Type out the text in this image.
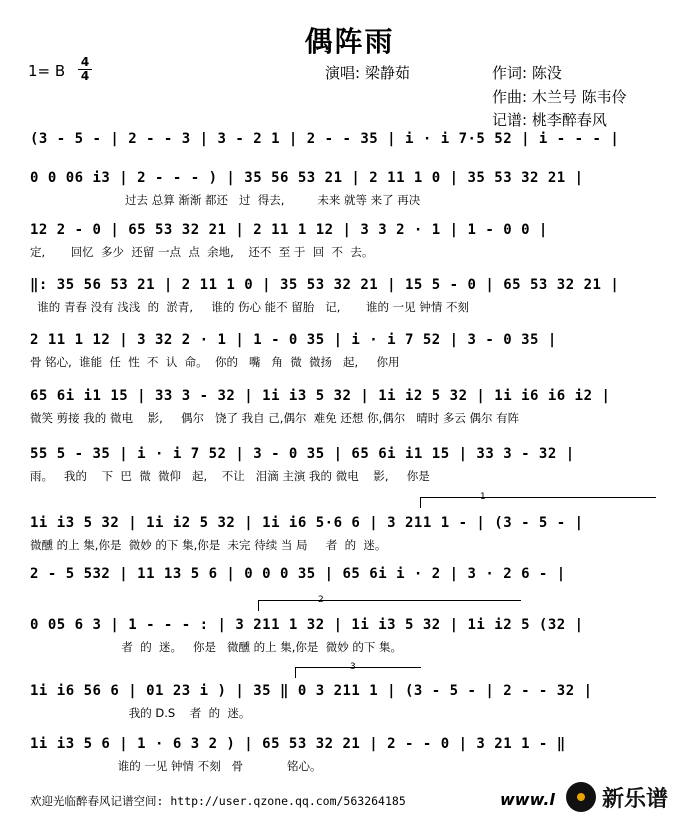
偶阵雨
1= B 4
4	演唱: 梁静茹	作词: 陈没
作曲: 木兰号 陈韦伶
记谱: 桃李醉春风
(3 - 5 - | 2 - - 3 | 3 - 2 1 | 2 - - 35 | i · i 7·5 52 | i - - - |
0 0 06 i3 | 2 - - - ) | 35 56 53 21 | 2 11 1 0 | 35 53 32 21 |
过去 总算 渐渐 都还   过  得去,         未来 就等 来了 再决
12 2 - 0 | 65 53 32 21 | 2 11 1 12 | 3 3 2 · 1 | 1 - 0 0 |
定,       回忆  多少  还留 一点  点  余地,    还不  至 于  回  不  去。
‖: 35 56 53 21 | 2 11 1 0 | 35 53 32 21 | 15 5 - 0 | 65 53 32 21 |
谁的 青春 没有 浅浅  的  淤青,     谁的 伤心 能不 留胎   记,       谁的 一见 钟情 不刻
2 11 1 12 | 3 32 2 · 1 | 1 - 0 35 | i · i 7 52 | 3 - 0 35 |
骨 铭心,  谁能  任  性  不  认  命。  你的   嘴   角  微  微扬   起,     你用
65 6i i1 15 | 33 3 - 32 | 1i i3 5 32 | 1i i2 5 32 | 1i i6 i6 i2 |
微笑 剪接 我的 微电    影,     偶尔   饶了 我自 己,偶尔  难免 还想 你,偶尔   晴时 多云 偶尔 有阵
55 5 - 35 | i · i 7 52 | 3 - 0 35 | 65 6i i1 15 | 33 3 - 32 |
雨。   我的    下  巴  微  微仰   起,    不让   泪滴 主演 我的 微电    影,     你是
1i i3 5 32 | 1i i2 5 32 | 1i i6 5·6 6 | 3 211 1 - | (3 - 5 - |
微醺 的上 集,你是  微妙 的下 集,你是  未完 待续 当 局     者  的  迷。
2 - 5 532 | 11 13 5 6 | 0 0 0 35 | 65 6i i · 2 | 3 · 2 6 - |
0 05 6 3 | 1 - - - : | 3 211 1 32 | 1i i3 5 32 | 1i i2 5 (32 |
者  的  迷。   你是   微醺 的上 集,你是  微妙 的下 集。
1i i6 56 6 | 01 23 i ) | 35 ‖ 0 3 211 1 | (3 - 5 - | 2 - - 32 |
我的 D.S    者  的  迷。
1i i3 5 6 | 1 · 6 3 2 ) | 65 53 32 21 | 2 - - 0 | 3 21 1 - ‖
谁的 一见 钟情 不刻   骨            铭心。
1
2
3
欢迎光临醉春风记谱空间: http://user.qzone.qq.com/563264185	www.l 新乐谱
